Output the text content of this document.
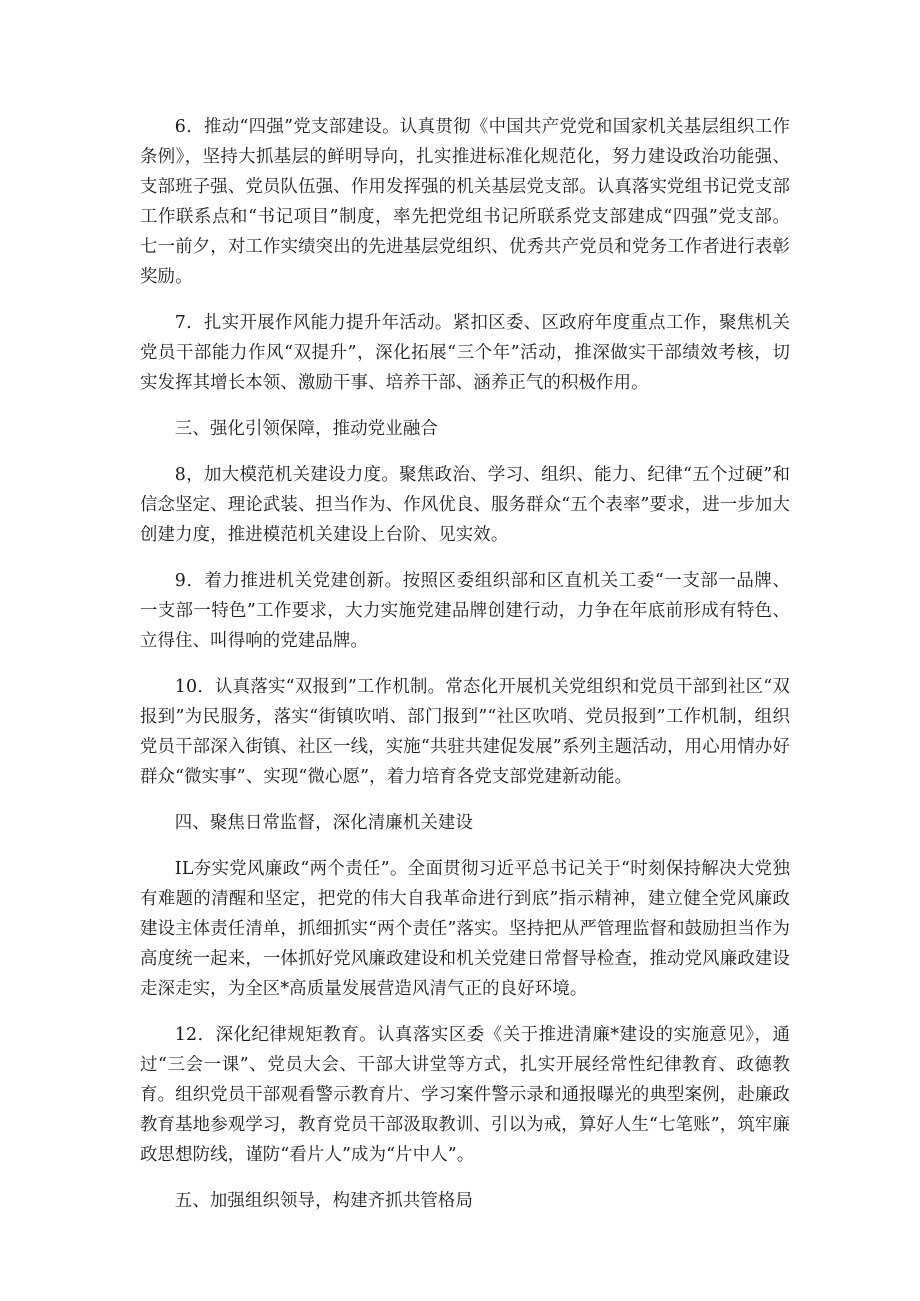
6．推动“四强”党支部建设。认真贯彻《中国共产党党和国家机关基层组织工作条例》，坚持大抓基层的鲜明导向，扎实推进标准化规范化，努力建设政治功能强、支部班子强、党员队伍强、作用发挥强的机关基层党支部。认真落实党组书记党支部工作联系点和“书记项目”制度，率先把党组书记所联系党支部建成“四强”党支部。七一前夕，对工作实绩突出的先进基层党组织、优秀共产党员和党务工作者进行表彰奖励。

7．扎实开展作风能力提升年活动。紧扣区委、区政府年度重点工作，聚焦机关党员干部能力作风“双提升”，深化拓展“三个年”活动，推深做实干部绩效考核，切实发挥其增长本领、激励干事、培养干部、涵养正气的积极作用。

三、强化引领保障，推动党业融合

8，加大模范机关建设力度。聚焦政治、学习、组织、能力、纪律“五个过硬”和信念坚定、理论武装、担当作为、作风优良、服务群众“五个表率”要求，进一步加大创建力度，推进模范机关建设上台阶、见实效。

9．着力推进机关党建创新。按照区委组织部和区直机关工委“一支部一品牌、一支部一特色”工作要求，大力实施党建品牌创建行动，力争在年底前形成有特色、立得住、叫得响的党建品牌。

10．认真落实“双报到”工作机制。常态化开展机关党组织和党员干部到社区“双报到”为民服务，落实“街镇吹哨、部门报到”“社区吹哨、党员报到”工作机制，组织党员干部深入街镇、社区一线，实施“共驻共建促发展”系列主题活动，用心用情办好群众“微实事”、实现“微心愿”，着力培育各党支部党建新动能。

四、聚焦日常监督，深化清廉机关建设

IL夯实党风廉政“两个责任”。全面贯彻习近平总书记关于“时刻保持解决大党独有难题的清醒和坚定，把党的伟大自我革命进行到底”指示精神，建立健全党风廉政建设主体责任清单，抓细抓实“两个责任”落实。坚持把从严管理监督和鼓励担当作为高度统一起来，一体抓好党风廉政建设和机关党建日常督导检查，推动党风廉政建设走深走实，为全区*高质量发展营造风清气正的良好环境。

12．深化纪律规矩教育。认真落实区委《关于推进清廉*建设的实施意见》，通过“三会一课”、党员大会、干部大讲堂等方式，扎实开展经常性纪律教育、政德教育。组织党员干部观看警示教育片、学习案件警示录和通报曝光的典型案例，赴廉政教育基地参观学习，教育党员干部汲取教训、引以为戒，算好人生“七笔账”，筑牢廉政思想防线，谨防“看片人”成为“片中人”。

五、加强组织领导，构建齐抓共管格局
